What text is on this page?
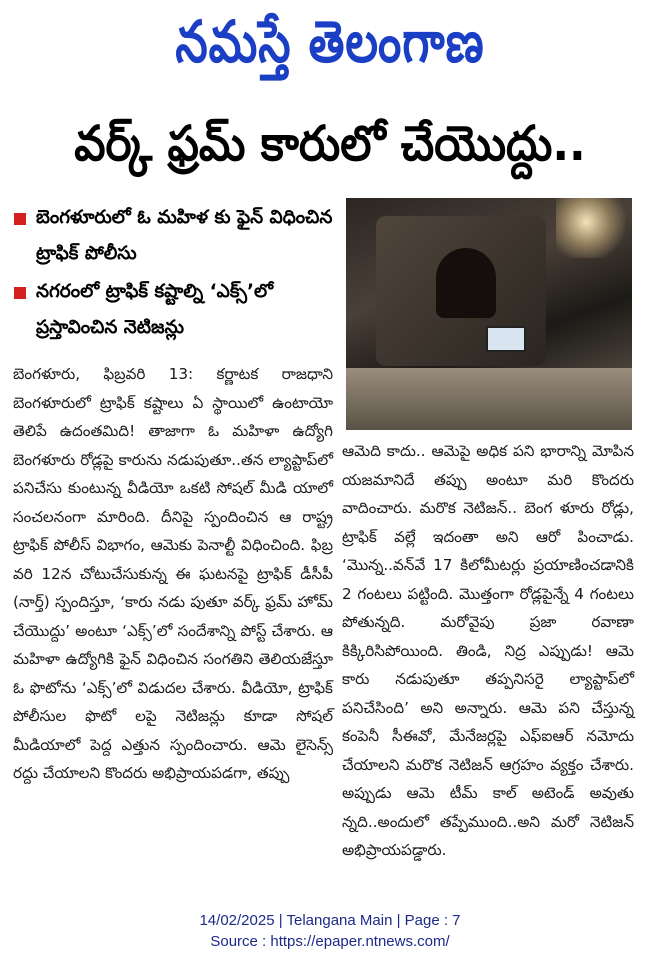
నమస్తే తెలంగాణ
వర్క్ ఫ్రమ్ కారులో చేయొద్దు..
బెంగళూరులో ఓ మహిళ కు ఫైన్ విధించిన ట్రాఫిక్ పోలీసు
నగరంలో ట్రాఫిక్ కష్టాల్ని ‘ఎక్స్’లో ప్రస్తావించిన నెటిజన్లు

బెంగళూరు, ఫిబ్రవరి 13: కర్ణాటక రాజధాని బెంగళూరులో ట్రాఫిక్ కష్టాలు ఏ స్థాయిలో ఉంటాయో తెలిపే ఉదంతమిది! తాజాగా ఓ మహిళా ఉద్యోగి బెంగళూరు రోడ్లపై కారును నడుపుతూ..తన ల్యాప్టాప్‌లో పనిచేసు కుంటున్న వీడియో ఒకటి సోషల్ మీడి యాలో సంచలనంగా మారింది. దీనిపై స్పందించిన ఆ రాష్ట్ర ట్రాఫిక్ పోలీస్ విభాగం, ఆమెకు పెనాల్టీ విధించింది. ఫిబ్ర వరి 12న చోటుచేసుకున్న ఈ ఘటనపై ట్రాఫిక్ డీసీపీ (నార్త్) స్పందిస్తూ, ‘కారు నడు పుతూ వర్క్ ఫ్రమ్ హోమ్ చేయొద్దు’ అంటూ ‘ఎక్స్’లో సందేశాన్ని పోస్ట్ చేశారు. ఆ మహిళా ఉద్యోగికి ఫైన్ విధించిన సంగతిని తెలియజేస్తూ ఓ ఫొటోను ‘ఎక్స్’లో విడుదల చేశారు. వీడియో, ట్రాఫిక్ పోలీసుల ఫొటో లపై నెటిజన్లు కూడా సోషల్ మీడియాలో పెద్ద ఎత్తున స్పందించారు. ఆమె లైసెన్స్ రద్దు చేయాలని కొందరు అభిప్రాయపడగా, తప్పు

ఆమెది కాదు.. ఆమెపై అధిక పని భారాన్ని మోపిన యజమానిదే తప్పు అంటూ మరి కొందరు వాదించారు. మరొక నెటిజన్.. బెంగ ళూరు రోడ్లు, ట్రాఫిక్ వల్లే ఇదంతా అని ఆరో పించాడు. ‘మొన్న..వన్‌వే 17 కిలోమీటర్లు ప్రయాణించడానికి 2 గంటలు పట్టింది. మొత్తంగా రోడ్లపైన్నే 4 గంటలు పోతున్నది. మరోవైపు ప్రజా రవాణా కిక్కిరిసిపోయింది. తిండి, నిద్ర ఎప్పుడు! ఆమె కారు నడుపుతూ తప్పనిసరై ల్యాప్టాప్‌లో పనిచేసింది’ అని అన్నారు. ఆమె పని చేస్తున్న కంపెనీ సీఈవో, మేనేజర్లపై ఎఫ్ఐఆర్ నమోదు చేయాలని మరొక నెటిజన్ ఆగ్రహం వ్యక్తం చేశారు. అప్పుడు ఆమె టీమ్ కాల్ అటెండ్ అవుతు న్నది..అందులో తప్పేముంది..అని మరో నెటిజన్ అభిప్రాయపడ్డారు.

14/02/2025 | Telangana Main | Page : 7
Source : https://epaper.ntnews.com/
